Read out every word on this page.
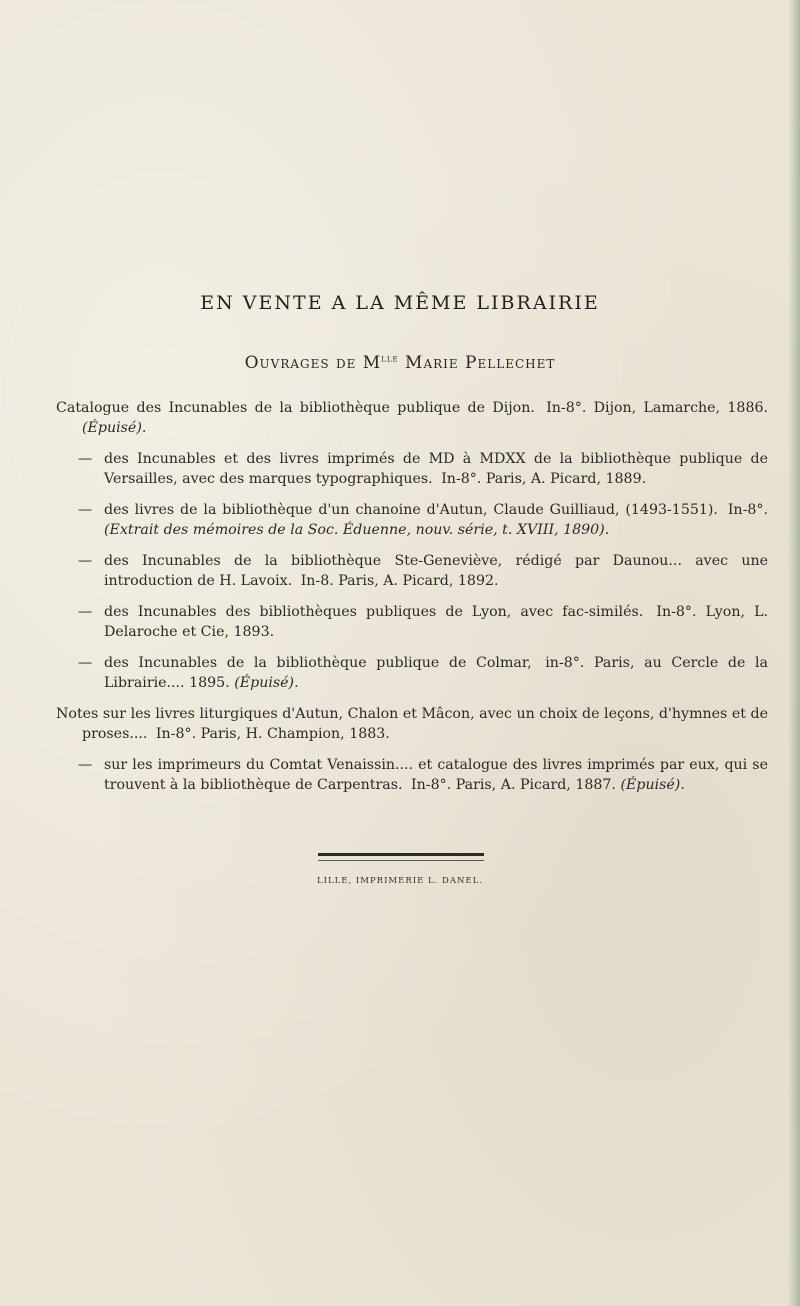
EN VENTE A LA MÊME LIBRAIRIE
Ouvrages de $M^{lle}$ Marie Pellechet

Catalogue des Incunables de la bibliothèque publique de Dijon. In-8°. Dijon, Lamarche, 1886. (Épuisé).

— des Incunables et des livres imprimés de MD à MDXX de la bibliothèque publique de Versailles, avec des marques typographiques. In-8°. Paris, A. Picard, 1889.

— des livres de la bibliothèque d'un chanoine d'Autun, Claude Guilliaud, (1493-1551). In-8°. (Extrait des mémoires de la Soc. Éduenne, nouv. série, t. XVIII, 1890).

— des Incunables de la bibliothèque Ste-Geneviève, rédigé par Daunou... avec une introduction de H. Lavoix. In-8. Paris, A. Picard, 1892.

— des Incunables des bibliothèques publiques de Lyon, avec fac-similés. In-8°. Lyon, L. Delaroche et Cie, 1893.

— des Incunables de la bibliothèque publique de Colmar, in-8°. Paris, au Cercle de la Librairie.... 1895. (Épuisé).

Notes sur les livres liturgiques d'Autun, Chalon et Mâcon, avec un choix de leçons, d'hymnes et de proses.... In-8°. Paris, H. Champion, 1883.

— sur les imprimeurs du Comtat Venaissin.... et catalogue des livres imprimés par eux, qui se trouvent à la bibliothèque de Carpentras. In-8°. Paris, A. Picard, 1887. (Épuisé).

LILLE, IMPRIMERIE L. DANEL.
